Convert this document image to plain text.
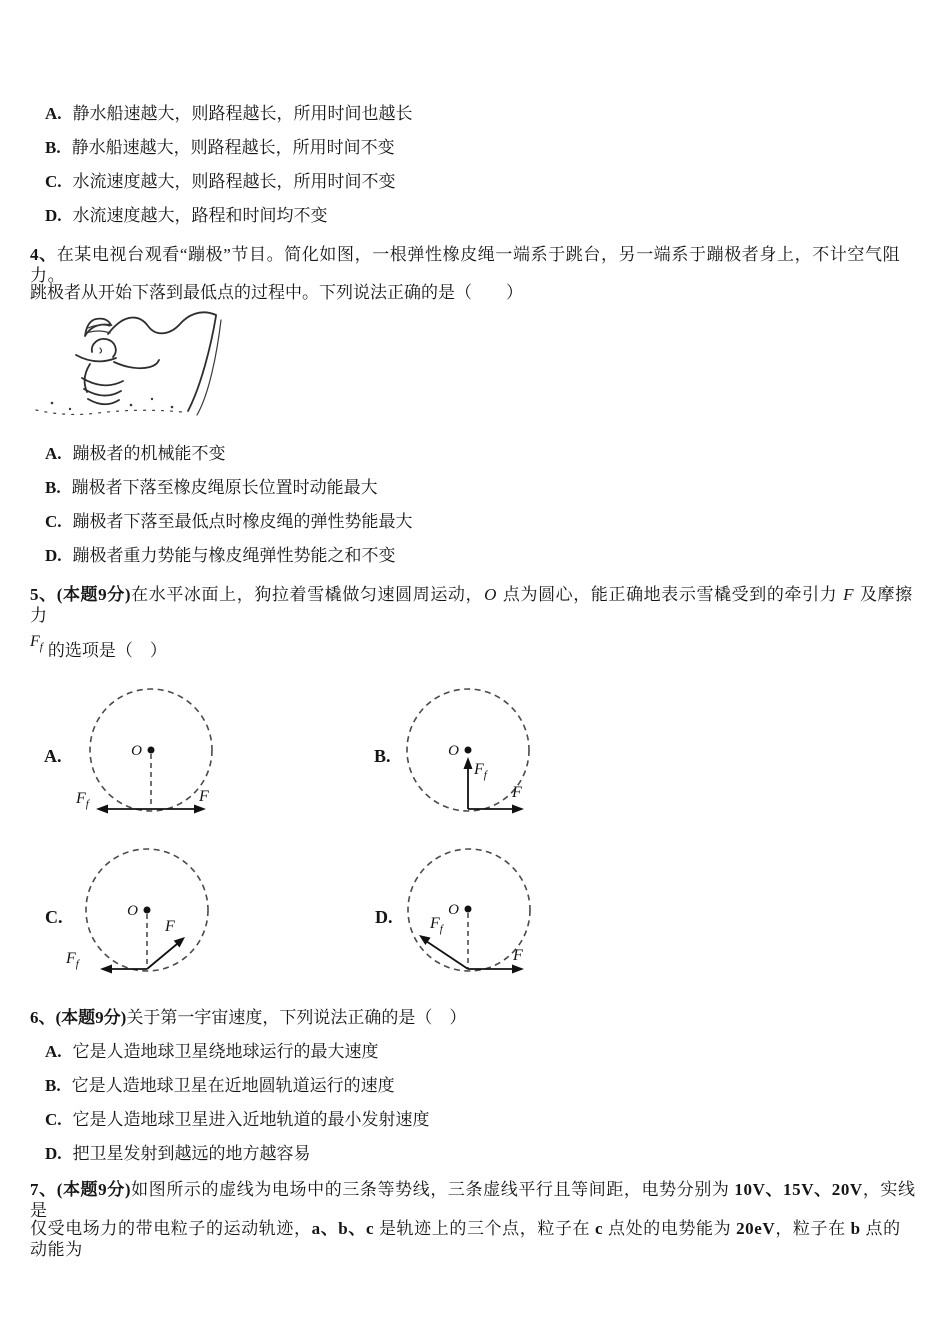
A. 静水船速越大，则路程越长，所用时间也越长
B. 静水船速越大，则路程越长，所用时间不变
C. 水流速度越大，则路程越长，所用时间不变
D. 水流速度越大，路程和时间均不变
4、在某电视台观看“蹦极”节目。简化如图，一根弹性橡皮绳一端系于跳台，另一端系于蹦极者身上，不计空气阻力。
跳极者从开始下落到最低点的过程中。下列说法正确的是（　　）
A. 蹦极者的机械能不变
B. 蹦极者下落至橡皮绳原长位置时动能最大
C. 蹦极者下落至最低点时橡皮绳的弹性势能最大
D. 蹦极者重力势能与橡皮绳弹性势能之和不变
5、(本题9分)在水平冰面上，狗拉着雪橇做匀速圆周运动，O 点为圆心，能正确地表示雪橇受到的牵引力 F 及摩擦力
$F_f$ 的选项是（　）
A.	O
$F_f$	F
B.	O
$F_f$
F
C.	O
$F_f$
F	D.	O
$F_f$
F
6、(本题9分)关于第一宇宙速度，下列说法正确的是（　）
A. 它是人造地球卫星绕地球运行的最大速度
B. 它是人造地球卫星在近地圆轨道运行的速度
C. 它是人造地球卫星进入近地轨道的最小发射速度
D. 把卫星发射到越远的地方越容易
7、(本题9分)如图所示的虚线为电场中的三条等势线，三条虚线平行且等间距，电势分别为 10V、15V、20V，实线是
仅受电场力的带电粒子的运动轨迹，a、b、c 是轨迹上的三个点，粒子在 c 点处的电势能为 20eV，粒子在 b 点的动能为
